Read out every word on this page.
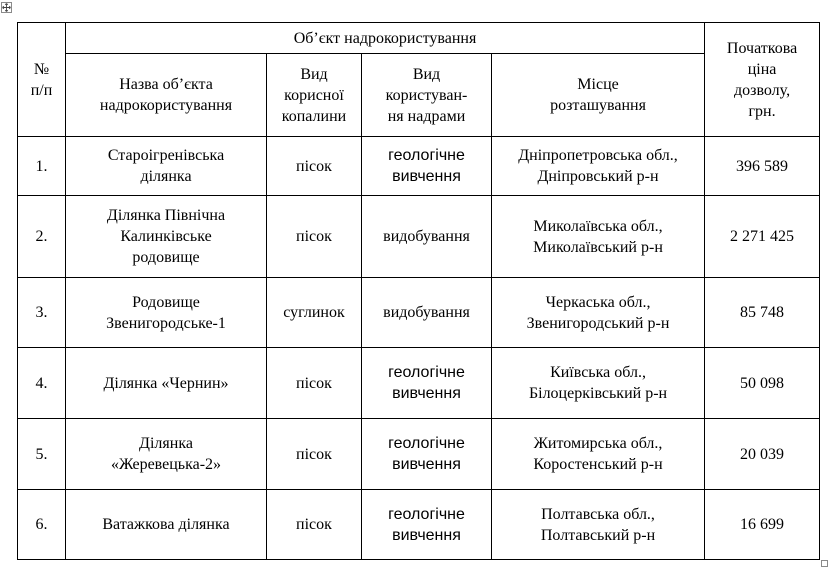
№
п/п	Об’єкт надрокористування				Початкова
ціна
дозволу,
грн.

	Назва об’єкта
надрокористування	Вид
корисної
копалини	Вид
користуван-
ня надрами	Місце
розташування	

1.	Староігренівська
ділянка	пісок	геологічне
вивчення	Дніпропетровська обл.,
Дніпровський р-н	396 589

2.	Ділянка Північна
Калинківське
родовище	пісок	видобування	Миколаївська обл.,
Миколаївський р-н	2 271 425

3.	Родовище
Звенигородське-1	суглинок	видобування	Черкаська обл.,
Звенигородський р-н	85 748

4.	Ділянка «Чернин»	пісок	геологічне
вивчення	Київська обл.,
Білоцерківський р-н	50 098

5.	Ділянка
«Жеревецька-2»	пісок	геологічне
вивчення	Житомирська обл.,
Коростенський р-н	20 039

6.	Ватажкова ділянка	пісок	геологічне
вивчення	Полтавська обл.,
Полтавський р-н	16 699
